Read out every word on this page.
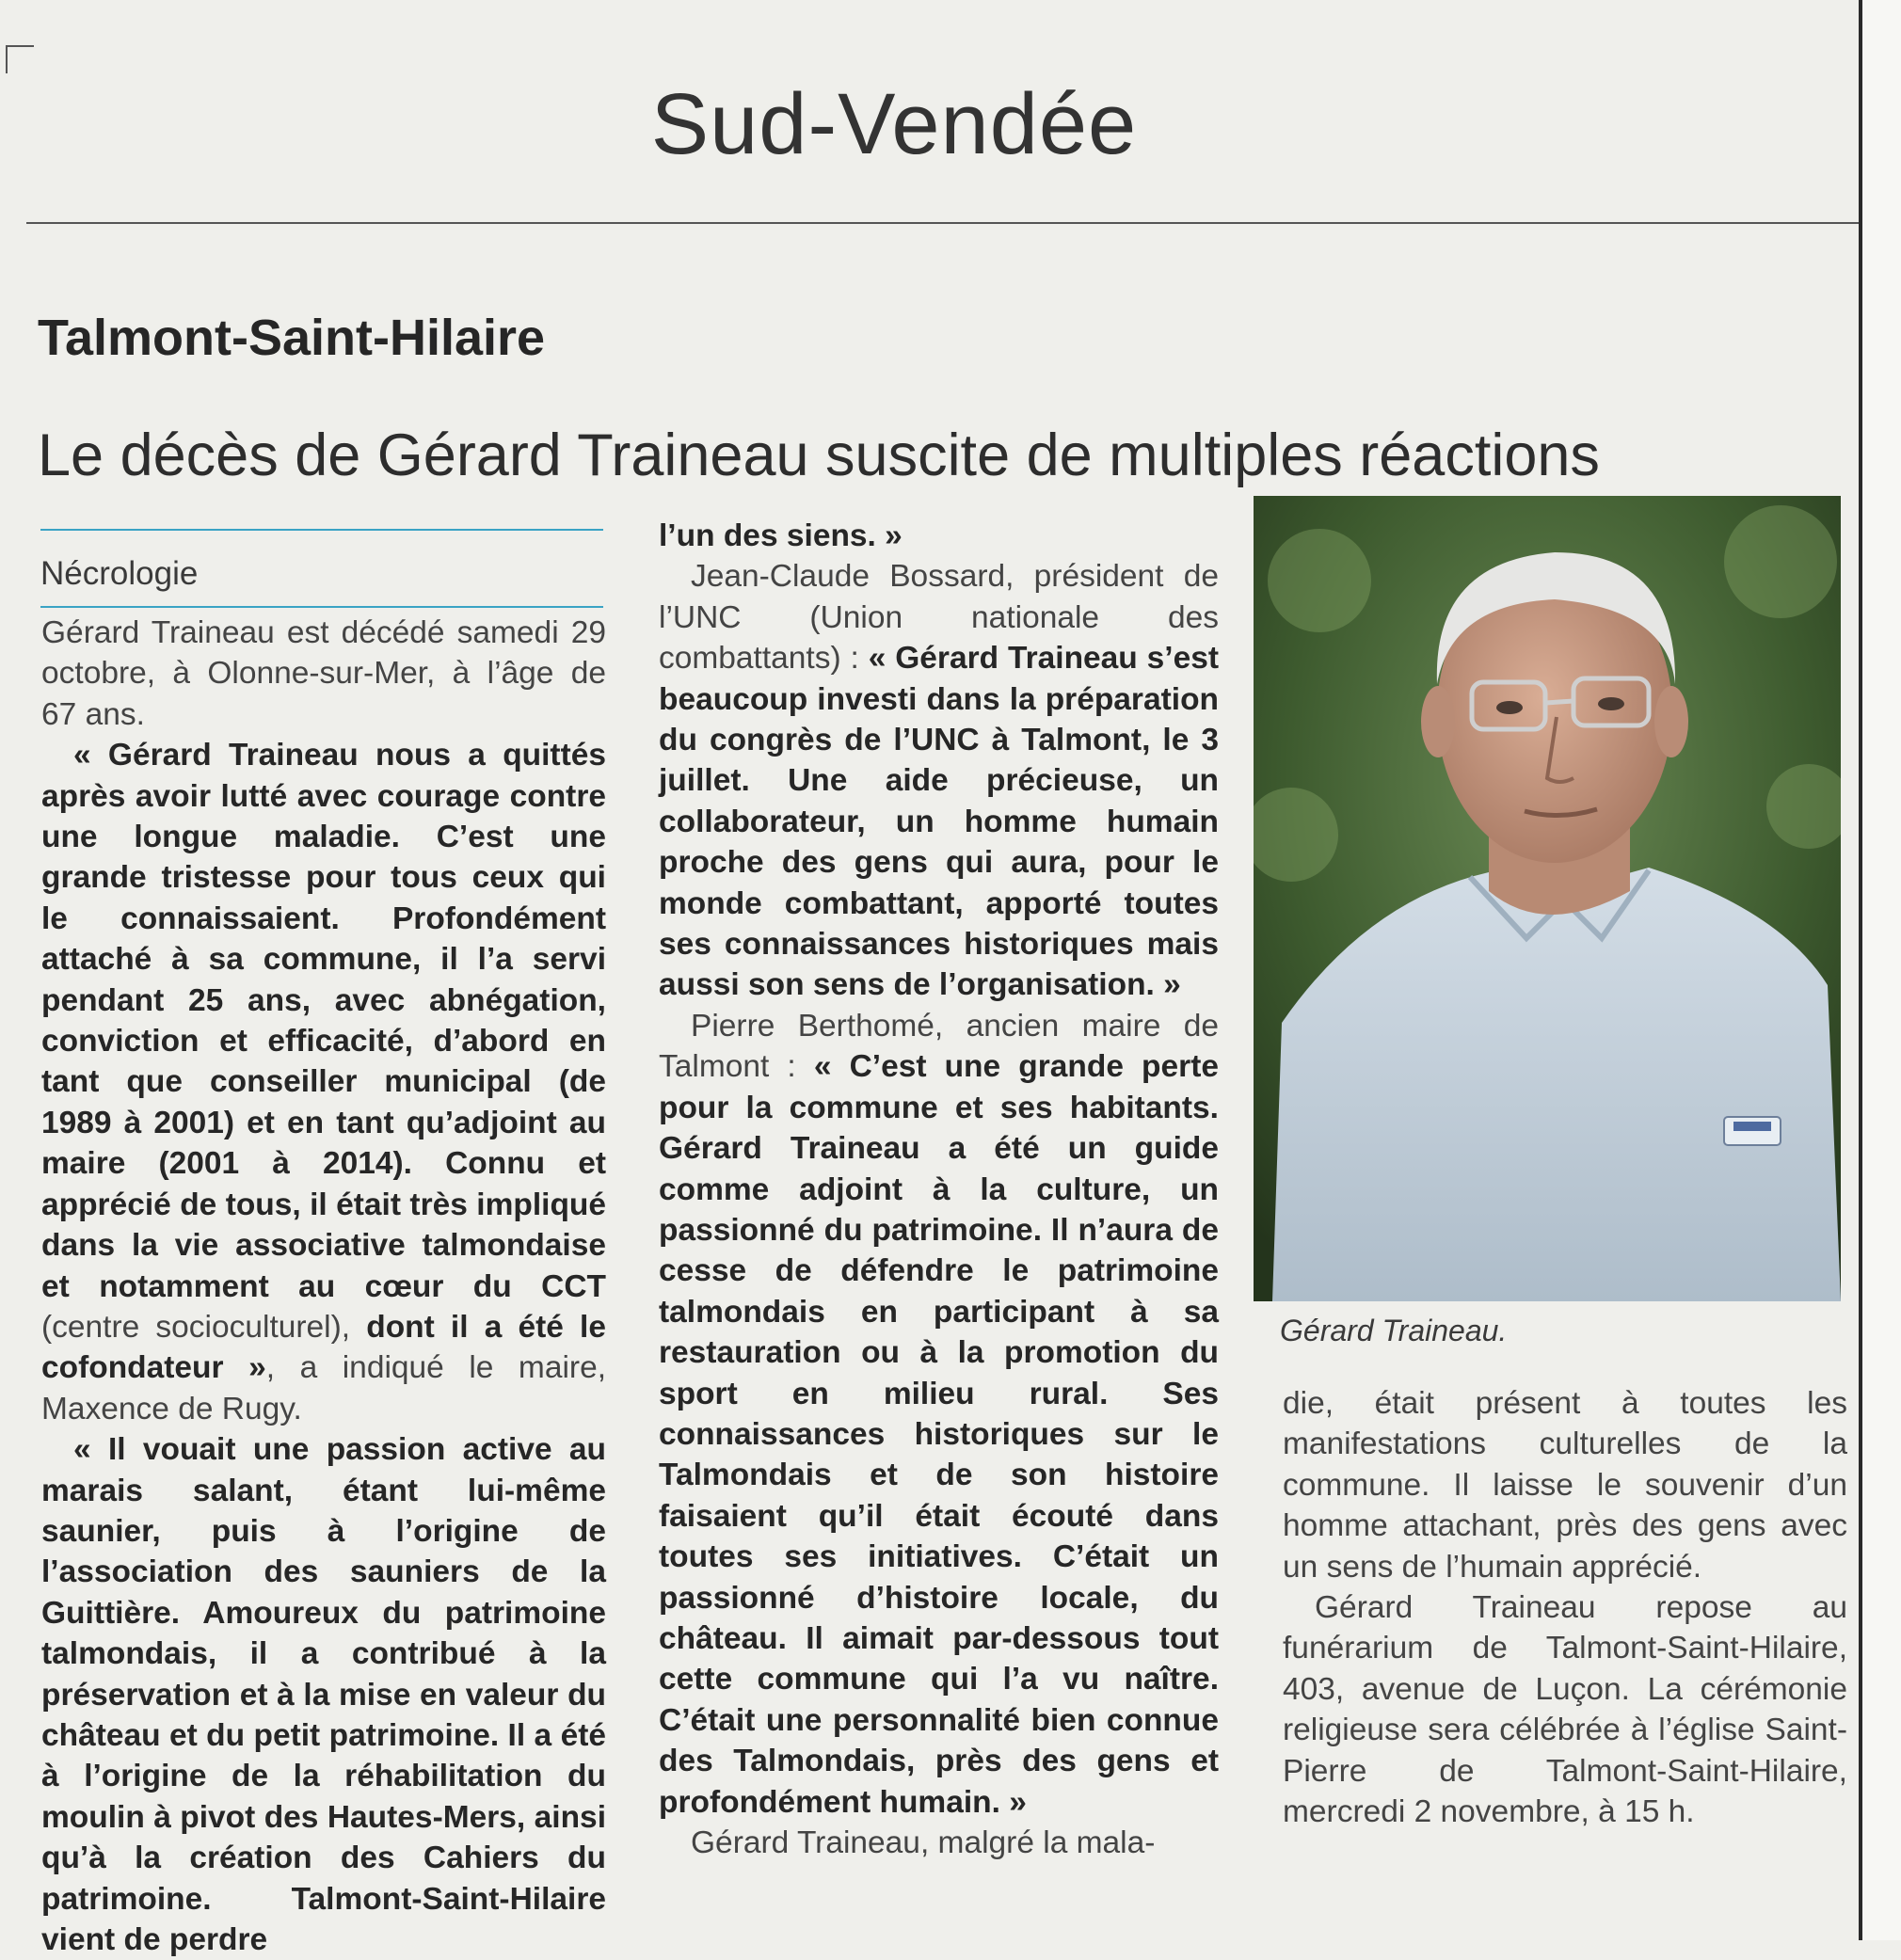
Sud-Vendée
Talmont-Saint-Hilaire
Le décès de Gérard Traineau suscite de multiples réactions
Nécrologie

Gérard Traineau est décédé samedi 29 octobre, à Olonne-sur-Mer, à l’âge de 67 ans.

« Gérard Traineau nous a quittés après avoir lutté avec courage contre une longue maladie. C’est une grande tristesse pour tous ceux qui le connaissaient. Profondément attaché à sa commune, il l’a servi pendant 25 ans, avec abnégation, conviction et efficacité, d’abord en tant que conseiller municipal (de 1989 à 2001) et en tant qu’adjoint au maire (2001 à 2014). Connu et apprécié de tous, il était très impliqué dans la vie associative talmondaise et notamment au cœur du CCT (centre socioculturel), dont il a été le cofondateur », a indiqué le maire, Maxence de Rugy.

« Il vouait une passion active au marais salant, étant lui-même saunier, puis à l’origine de l’association des sauniers de la Guittière. Amoureux du patrimoine talmondais, il a contribué à la préservation et à la mise en valeur du château et du petit patrimoine. Il a été à l’origine de la réhabilitation du moulin à pivot des Hautes-Mers, ainsi qu’à la création des Cahiers du patrimoine. Talmont-Saint-Hilaire vient de perdre

l’un des siens. »

Jean-Claude Bossard, président de l’UNC (Union nationale des combattants) : « Gérard Traineau s’est beaucoup investi dans la préparation du congrès de l’UNC à Talmont, le 3 juillet. Une aide précieuse, un collaborateur, un homme humain proche des gens qui aura, pour le monde combattant, apporté toutes ses connaissances historiques mais aussi son sens de l’organisation. »

Pierre Berthomé, ancien maire de Talmont : « C’est une grande perte pour la commune et ses habitants. Gérard Traineau a été un guide comme adjoint à la culture, un passionné du patrimoine. Il n’aura de cesse de défendre le patrimoine talmondais en participant à sa restauration ou à la promotion du sport en milieu rural. Ses connaissances historiques sur le Talmondais et de son histoire faisaient qu’il était écouté dans toutes ses initiatives. C’était un passionné d’histoire locale, du château. Il aimait par-dessous tout cette commune qui l’a vu naître. C’était une personnalité bien connue des Talmondais, près des gens et profondément humain. »

Gérard Traineau, malgré la mala-

Gérard Traineau.

die, était présent à toutes les manifestations culturelles de la commune. Il laisse le souvenir d’un homme attachant, près des gens avec un sens de l’humain apprécié.

Gérard Traineau repose au funérarium de Talmont-Saint-Hilaire, 403, avenue de Luçon. La cérémonie religieuse sera célébrée à l’église Saint-Pierre de Talmont-Saint-Hilaire, mercredi 2 novembre, à 15 h.
